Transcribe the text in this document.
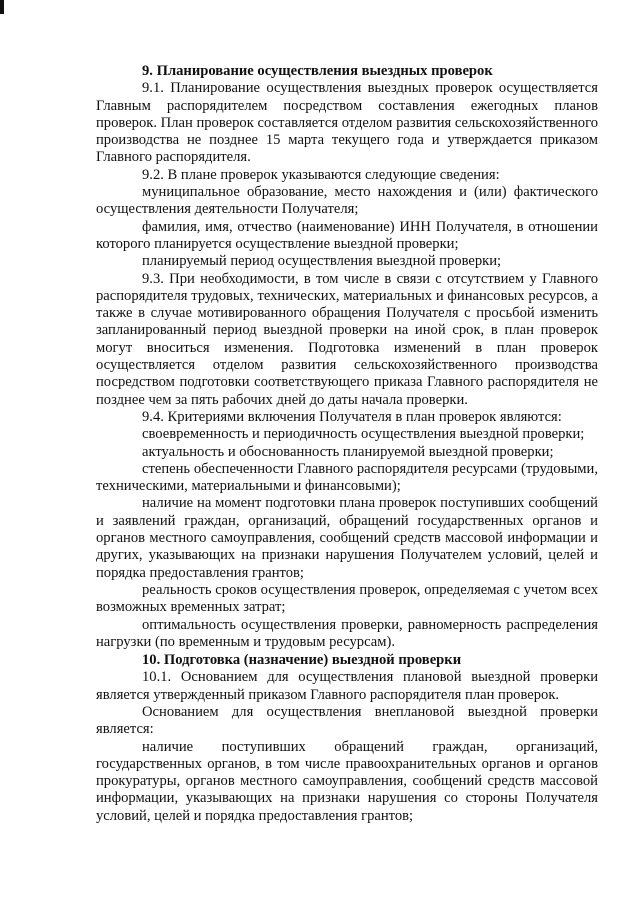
9. Планирование осуществления выездных проверок

9.1. Планирование осуществления выездных проверок осуществляется Главным распорядителем посредством составления ежегодных планов проверок. План проверок составляется отделом развития сельскохозяйственного производства не позднее 15 марта текущего года и утверждается приказом Главного распорядителя.

9.2. В плане проверок указываются следующие сведения:

муниципальное образование, место нахождения и (или) фактического осуществления деятельности Получателя;

фамилия, имя, отчество (наименование) ИНН Получателя, в отношении которого планируется осуществление выездной проверки;

планируемый период осуществления выездной проверки;

9.3. При необходимости, в том числе в связи с отсутствием у Главного распорядителя трудовых, технических, материальных и финансовых ресурсов, а также в случае мотивированного обращения Получателя с просьбой изменить запланированный период выездной проверки на иной срок, в план проверок могут вноситься изменения. Подготовка изменений в план проверок осуществляется отделом развития сельскохозяйственного производства посредством подготовки соответствующего приказа Главного распорядителя не позднее чем за пять рабочих дней до даты начала проверки.

9.4. Критериями включения Получателя в план проверок являются:

своевременность и периодичность осуществления выездной проверки;

актуальность и обоснованность планируемой выездной проверки;

степень обеспеченности Главного распорядителя ресурсами (трудовыми, техническими, материальными и финансовыми);

наличие на момент подготовки плана проверок поступивших сообщений и заявлений граждан, организаций, обращений государственных органов и органов местного самоуправления, сообщений средств массовой информации и других, указывающих на признаки нарушения Получателем условий, целей и порядка предоставления грантов;

реальность сроков осуществления проверок, определяемая с учетом всех возможных временных затрат;

оптимальность осуществления проверки, равномерность распределения нагрузки (по временным и трудовым ресурсам).

10. Подготовка (назначение) выездной проверки

10.1. Основанием для осуществления плановой выездной проверки является утвержденный приказом Главного распорядителя план проверок.

Основанием для осуществления внеплановой выездной проверки является:

наличие поступивших обращений граждан, организаций, государственных органов, в том числе правоохранительных органов и органов прокуратуры, органов местного самоуправления, сообщений средств массовой информации, указывающих на признаки нарушения со стороны Получателя условий, целей и порядка предоставления грантов;
